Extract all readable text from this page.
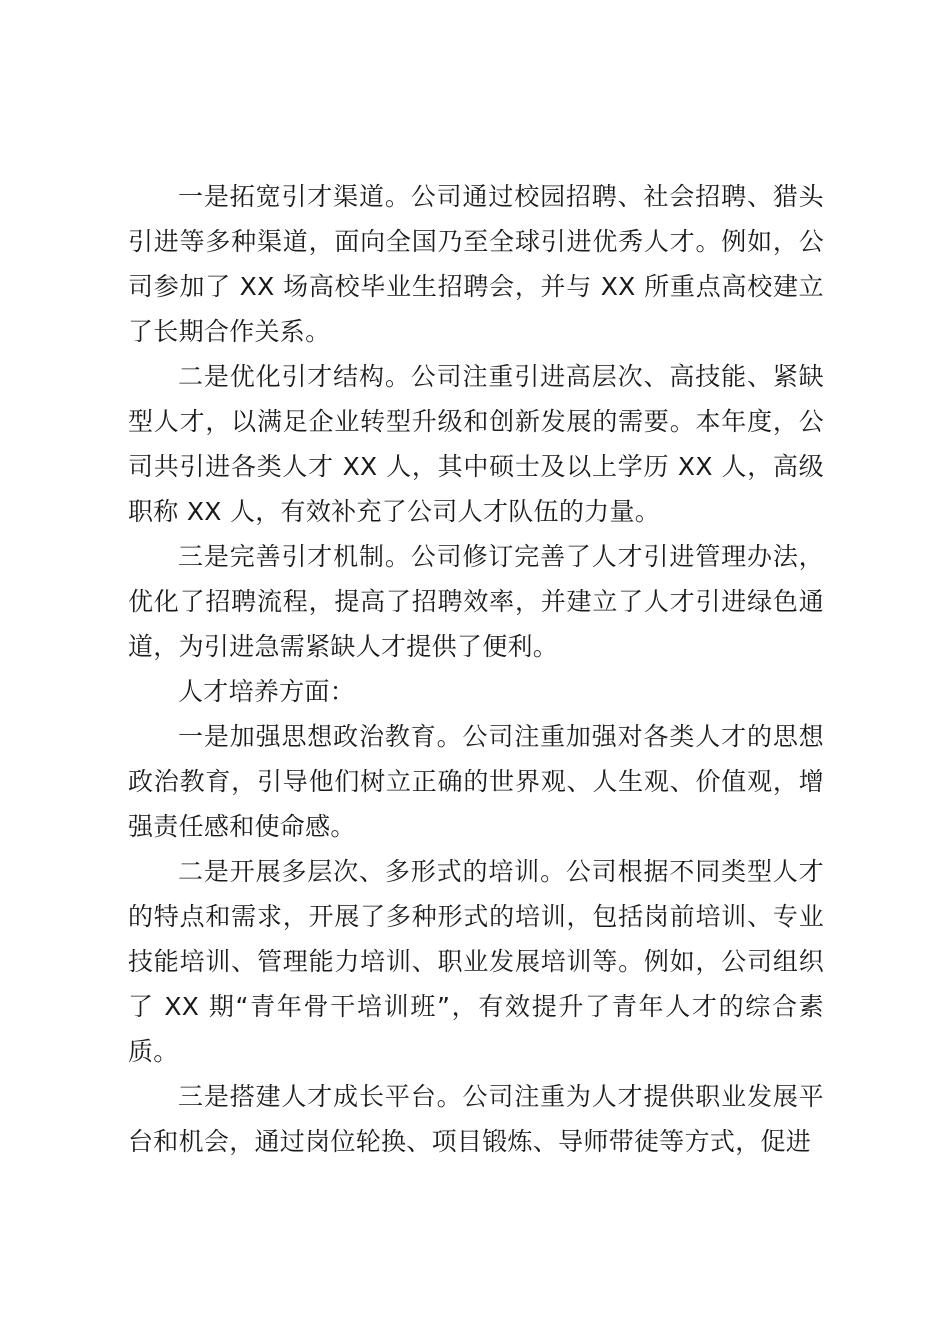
一是拓宽引才渠道。公司通过校园招聘、社会招聘、猎头引进等多种渠道，面向全国乃至全球引进优秀人才。例如，公司参加了 XX 场高校毕业生招聘会，并与 XX 所重点高校建立了长期合作关系。

二是优化引才结构。公司注重引进高层次、高技能、紧缺型人才，以满足企业转型升级和创新发展的需要。本年度，公司共引进各类人才 XX 人，其中硕士及以上学历 XX 人，高级职称 XX 人，有效补充了公司人才队伍的力量。

三是完善引才机制。公司修订完善了人才引进管理办法，优化了招聘流程，提高了招聘效率，并建立了人才引进绿色通道，为引进急需紧缺人才提供了便利。

人才培养方面：

一是加强思想政治教育。公司注重加强对各类人才的思想政治教育，引导他们树立正确的世界观、人生观、价值观，增强责任感和使命感。

二是开展多层次、多形式的培训。公司根据不同类型人才的特点和需求，开展了多种形式的培训，包括岗前培训、专业技能培训、管理能力培训、职业发展培训等。例如，公司组织了 XX 期“青年骨干培训班”，有效提升了青年人才的综合素质。

三是搭建人才成长平台。公司注重为人才提供职业发展平台和机会，通过岗位轮换、项目锻炼、导师带徒等方式，促进
